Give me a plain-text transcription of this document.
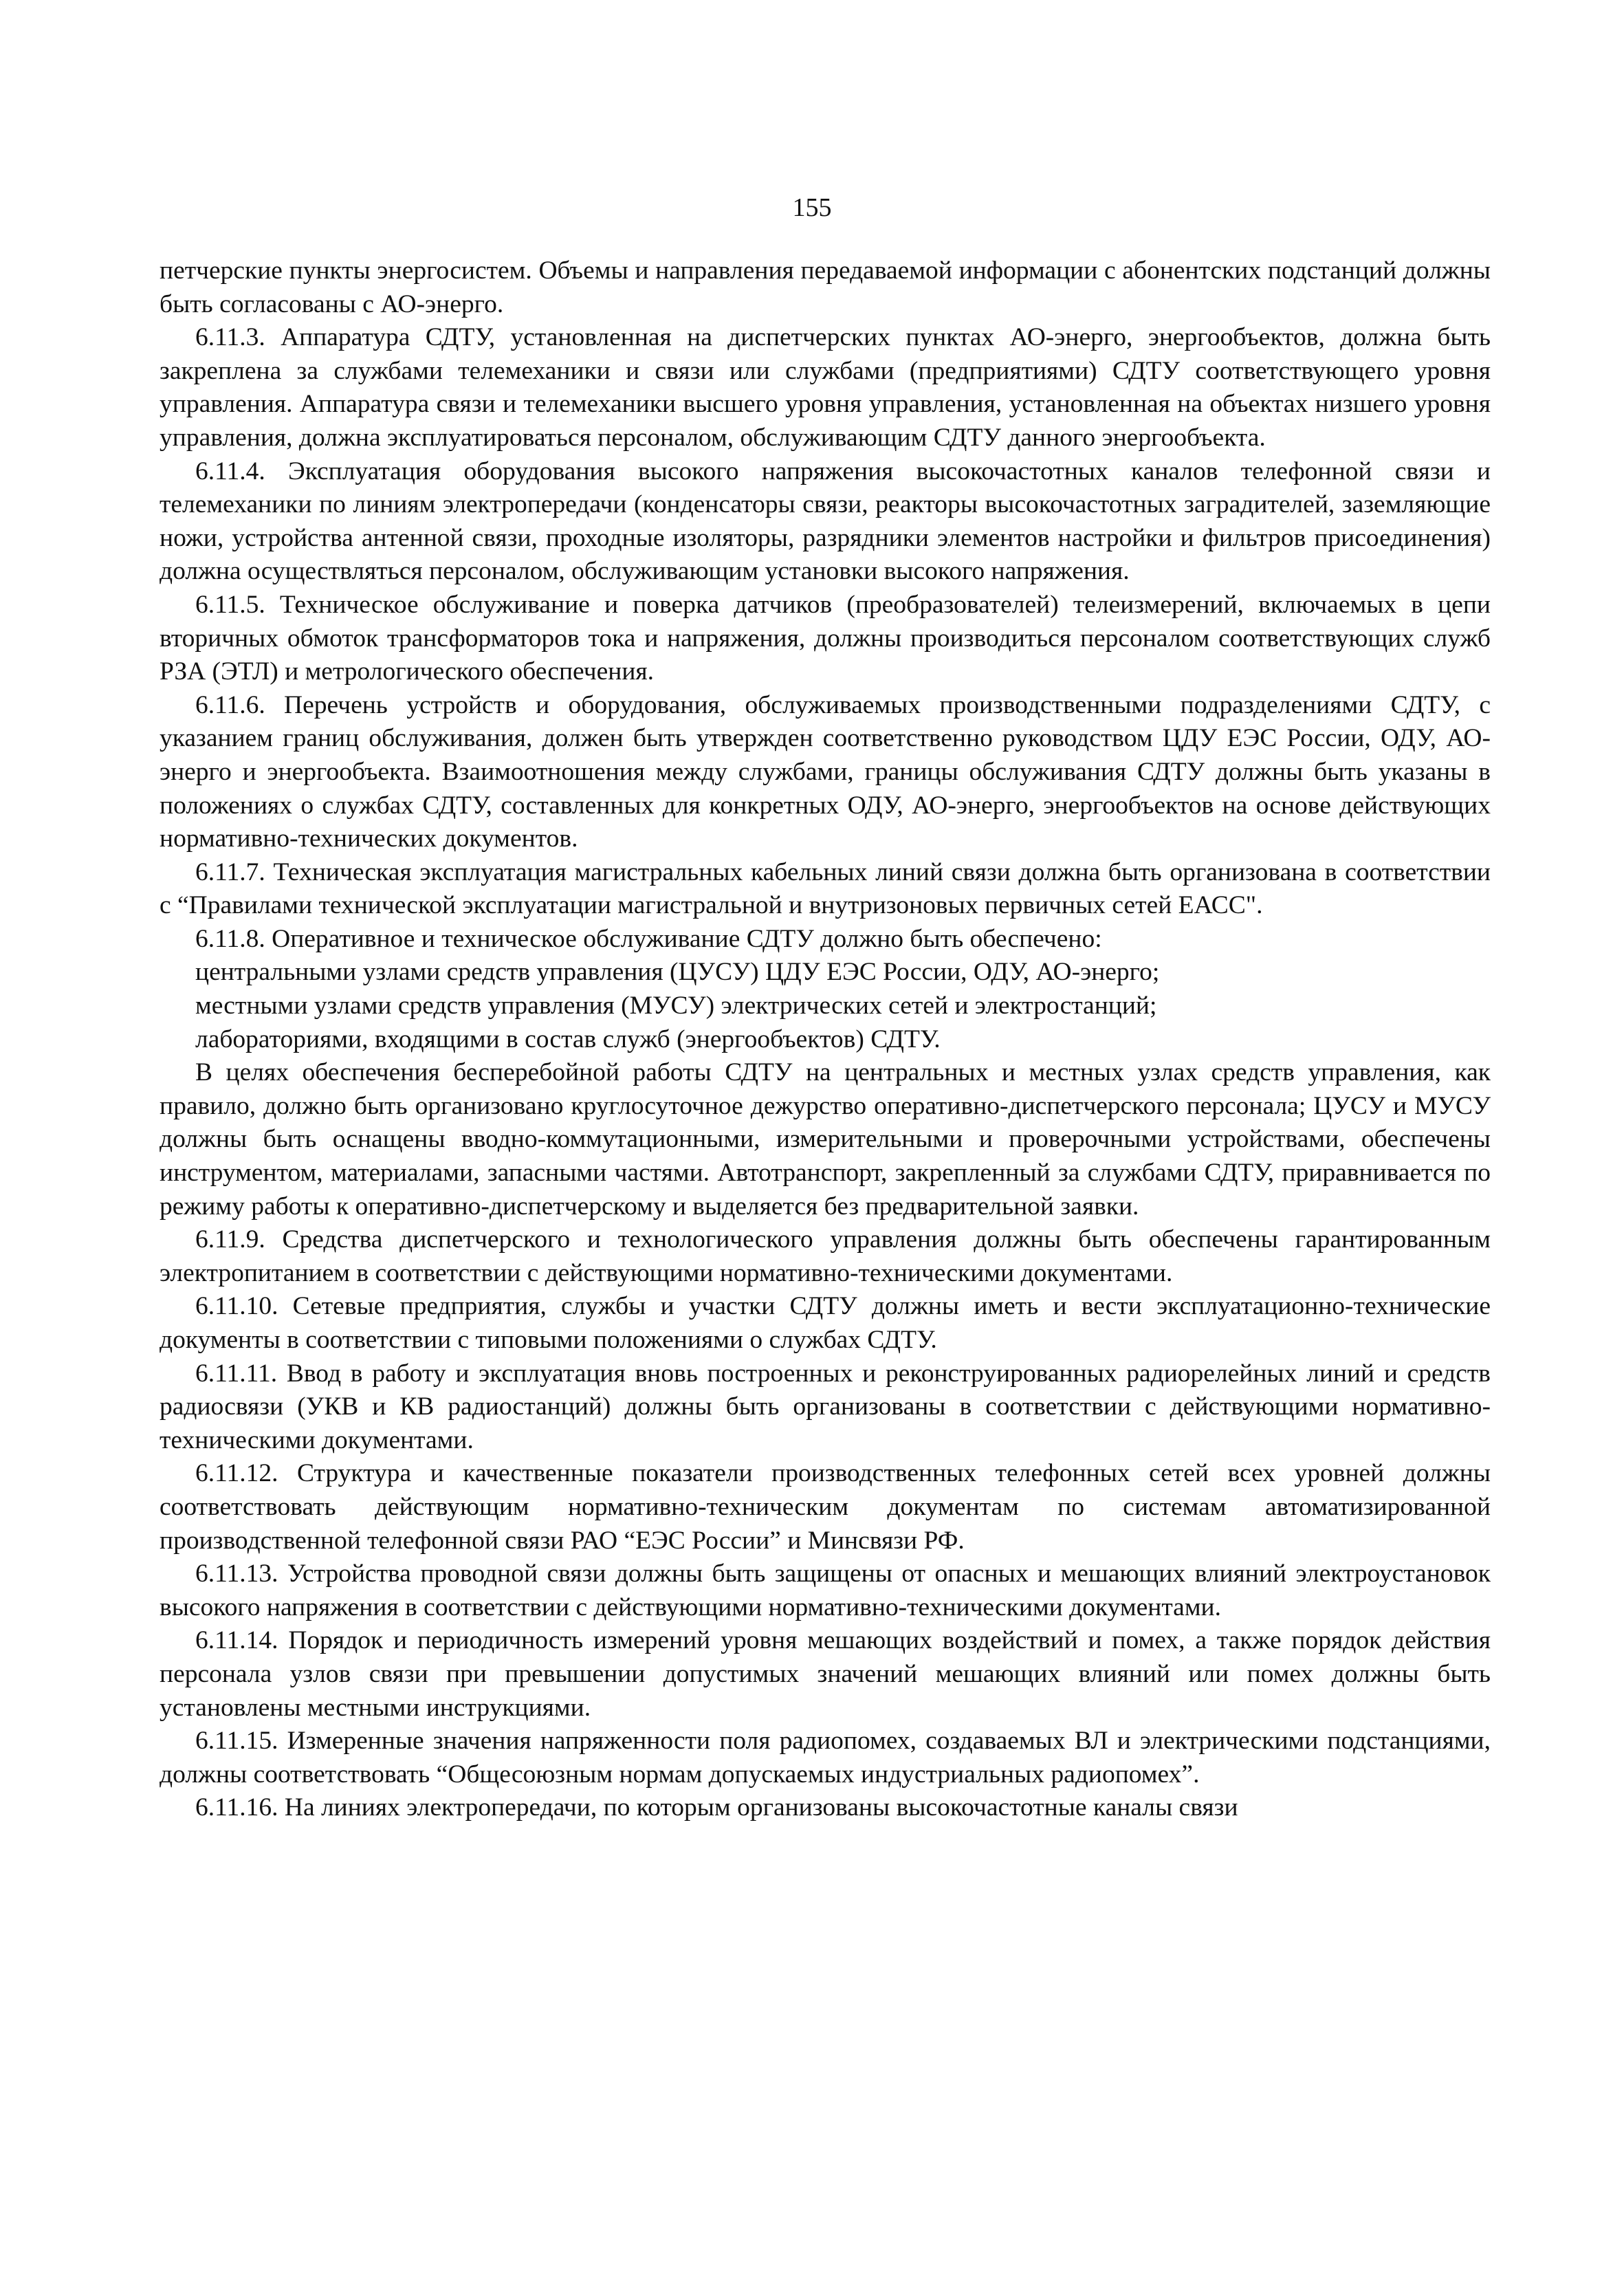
155

петчерские пункты энергосистем. Объемы и направления передаваемой информации с абонентских подстанций должны быть согласованы с АО-энерго.

6.11.3. Аппаратура СДТУ, установленная на диспетчерских пунктах АО-энерго, энергообъектов, должна быть закреплена за службами телемеханики и связи или службами (предприятиями) СДТУ соответствующего уровня управления. Аппаратура связи и телемеханики высшего уровня управления, установленная на объектах низшего уровня управления, должна эксплуатироваться персоналом, обслуживающим СДТУ данного энергообъекта.

6.11.4. Эксплуатация оборудования высокого напряжения высокочастотных каналов телефонной связи и телемеханики по линиям электропередачи (конденсаторы связи, реакторы высокочастотных заградителей, заземляющие ножи, устройства антенной связи, проходные изоляторы, разрядники элементов настройки и фильтров присоединения) должна осуществляться персоналом, обслуживающим установки высокого напряжения.

6.11.5. Техническое обслуживание и поверка датчиков (преобразователей) телеизмерений, включаемых в цепи вторичных обмоток трансформаторов тока и напряжения, должны производиться персоналом соответствующих служб РЗА (ЭТЛ) и метрологического обеспечения.

6.11.6. Перечень устройств и оборудования, обслуживаемых производственными подразделениями СДТУ, с указанием границ обслуживания, должен быть утвержден соответственно руководством ЦДУ ЕЭС России, ОДУ, АО-энерго и энергообъекта. Взаимоотношения между службами, границы обслуживания СДТУ должны быть указаны в положениях о службах СДТУ, составленных для конкретных ОДУ, АО-энерго, энергообъектов на основе действующих нормативно-технических документов.

6.11.7. Техническая эксплуатация магистральных кабельных линий связи должна быть организована в соответствии с “Правилами технической эксплуатации магистральной и внутризоновых первичных сетей ЕАСС".

6.11.8. Оперативное и техническое обслуживание СДТУ должно быть обеспечено:

центральными узлами средств управления (ЦУСУ) ЦДУ ЕЭС России, ОДУ, АО-энерго;

местными узлами средств управления (МУСУ) электрических сетей и электростанций;

лабораториями, входящими в состав служб (энергообъектов) СДТУ.

В целях обеспечения бесперебойной работы СДТУ на центральных и местных узлах средств управления, как правило, должно быть организовано круглосуточное дежурство оперативно-диспетчерского персонала; ЦУСУ и МУСУ должны быть оснащены вводно-коммутационными, измерительными и проверочными устройствами, обеспечены инструментом, материалами, запасными частями. Автотранспорт, закрепленный за службами СДТУ, приравнивается по режиму работы к оперативно-диспетчерскому и выделяется без предварительной заявки.

6.11.9. Средства диспетчерского и технологического управления должны быть обеспечены гарантированным электропитанием в соответствии с действующими нормативно-техническими документами.

6.11.10. Сетевые предприятия, службы и участки СДТУ должны иметь и вести эксплуатационно-технические документы в соответствии с типовыми положениями о службах СДТУ.

6.11.11. Ввод в работу и эксплуатация вновь построенных и реконструированных радиорелейных линий и средств радиосвязи (УКВ и КВ радиостанций) должны быть организованы в соответствии с действующими нормативно-техническими документами.

6.11.12. Структура и качественные показатели производственных телефонных сетей всех уровней должны соответствовать действующим нормативно-техническим документам по системам автоматизированной производственной телефонной связи РАО “ЕЭС России” и Минсвязи РФ.

6.11.13. Устройства проводной связи должны быть защищены от опасных и мешающих влияний электроустановок высокого напряжения в соответствии с действующими нормативно-техническими документами.

6.11.14. Порядок и периодичность измерений уровня мешающих воздействий и помех, а также порядок действия персонала узлов связи при превышении допустимых значений мешающих влияний или помех должны быть установлены местными инструкциями.

6.11.15. Измеренные значения напряженности поля радиопомех, создаваемых ВЛ и электрическими подстанциями, должны соответствовать “Общесоюзным нормам допускаемых индустриальных радиопомех”.

6.11.16. На линиях электропередачи, по которым организованы высокочастотные каналы связи
